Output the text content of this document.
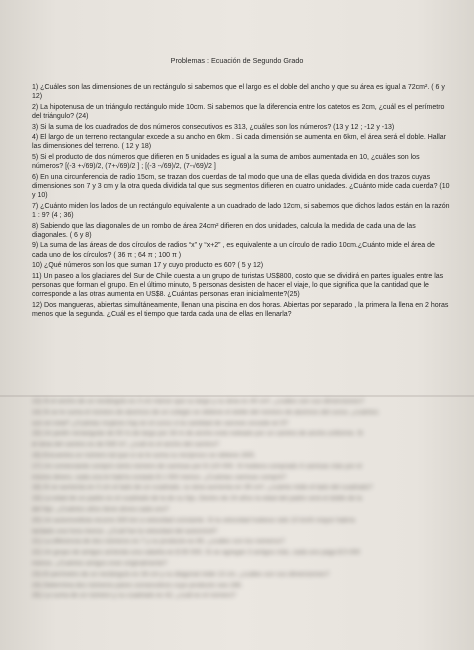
Problemas : Ecuación de Segundo Grado
1) ¿Cuáles son las dimensiones de un rectángulo si sabemos que el largo es el doble del ancho y que su área es igual a 72cm². ( 6 y 12)
2) La hipotenusa de un triángulo rectángulo mide 10cm. Si sabemos que la diferencia entre los catetos es 2cm, ¿cuál es el perímetro del triángulo? (24)
3) Si la suma de los cuadrados de dos números consecutivos es 313, ¿cuáles son los números? (13 y 12 ; -12 y -13)
4) El largo de un terreno rectangular excede a su ancho en 6km . Si cada dimensión se aumenta en 6km, el área será el doble. Hallar las dimensiones del terreno. ( 12 y 18)
5) Si el producto de dos números que difieren en 5 unidades es igual a la suma de ambos aumentada en 10, ¿cuáles son los números? [(-3 +√69)/2, (7+√69)/2 ] ; [(-3 -√69)/2, (7-√69)/2 ]
6) En una circunferencia de radio 15cm, se trazan dos cuerdas de tal modo que una de ellas queda dividida en dos trazos cuyas dimensiones son 7 y 3 cm y la otra queda dividida tal que sus segmentos difieren en cuatro unidades. ¿Cuánto mide cada cuerda? (10 y 10)
7) ¿Cuánto miden los lados de un rectángulo equivalente a un cuadrado de lado 12cm, si sabemos que dichos lados están en la razón 1 : 9? (4 ; 36)
8) Sabiendo que las diagonales de un rombo de área 24cm² difieren en dos unidades, calcula la medida de cada una de las diagonales. ( 6 y 8)
9) La suma de las áreas de dos círculos de radios “x” y “x+2” , es equivalente a un círculo de radio 10cm.¿Cuánto mide el área de cada uno de los círculos? ( 36 π ; 64 π ; 100 π )
10) ¿Qué números son los que suman 17 y cuyo producto es 60? ( 5 y 12)
11) Un paseo a los glaciares del Sur de Chile cuesta a un grupo de turistas US$800, costo que se dividirá en partes iguales entre las personas que forman el grupo. En el último minuto, 5 personas desisten de hacer el viaje, lo que significa que la cantidad que le corresponde a las otras aumenta en US$8. ¿Cuántas personas eran inicialmente?(25)
12) Dos mangueras, abiertas simultáneamente, llenan una piscina en dos horas. Abiertas por separado , la primera la llena en 2 horas menos que la segunda. ¿Cuál es el tiempo que tarda cada una de ellas en llenarla?
13) Si el ancho de un rectángulo es 3 cm menor que su largo y su área es 40 cm², ¿cuáles son sus dimensiones?
14) Si se le suma el número de alumnos de un colegio se obtiene el doble del número de alumnos del curso, ¿cuántos
son en total? ¿Cuántas mujeres hay en el curso si la cantidad de varones excede en 5?
15) Un jardín rectangular de 50 m de largo por 34 m de ancho está rodeado por un camino de ancho uniforme. Si
el área del camino es de 540 m², ¿cuál es el ancho del camino?
16) Encuentra un número tal que si se le suma su recíproco se obtiene 26/5.
17) Un comerciante compró cierto número de camisas por $ 120 000. Si hubiera comprado 4 camisas más por el
mismo dinero, cada una le habría costado $ 1 000 menos. ¿Cuántas camisas compró?
18) Si se aumenta en 3 cm el lado de un cuadrado, su área aumenta en 39 cm², ¿cuánto mide el lado del cuadrado?
19) La edad de un padre es el cuadrado de la de su hijo. Dentro de 24 años la edad del padre será el doble de la
del hijo. ¿Cuántos años tiene ahora cada uno?
20) Un automovilista recorre 300 km a velocidad constante. Si la velocidad hubiese sido 10 km/h mayor habría
tardado una hora menos. ¿Cuál fue la velocidad del automóvil?
21) La diferencia de dos números es 7 y su producto es 60, ¿cuáles son los números?
22) Un grupo de amigos arrienda una cabaña en $ 90 000. Si se agregan 3 amigos más, cada uno paga $ 5 000
menos. ¿Cuántos amigos eran originalmente?
23) El perímetro de un rectángulo es 34 cm y su diagonal mide 13 cm, ¿cuáles son sus dimensiones?
24) Determina dos números pares consecutivos cuyo producto sea 168.
25) La suma de un número y su cuadrado es 42, ¿cuál es el número?
